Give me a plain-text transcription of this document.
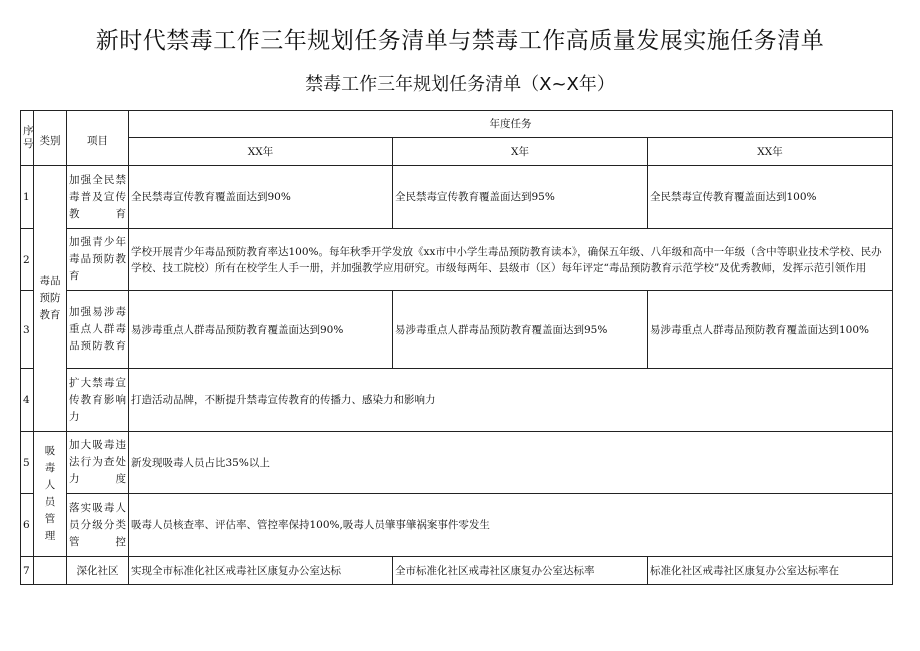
新时代禁毒工作三年规划任务清单与禁毒工作高质量发展实施任务清单
禁毒工作三年规划任务清单（X~X年）
序号	类别	项目	年度任务		
			XX年	X年	XX年
1	毒品预防教育	加强全民禁毒普及宣传教育	全民禁毒宣传教育覆盖面达到90%	全民禁毒宣传教育覆盖面达到95%	全民禁毒宣传教育覆盖面达到100%
2		加强青少年毒品预防教育	学校开展青少年毒品预防教育率达100%。每年秋季开学发放《xx市中小学生毒品预防教育读本》，确保五年级、八年级和高中一年级（含中等职业技术学校、民办学校、技工院校）所有在校学生人手一册，并加强教学应用研究。市级每两年、县级市（区）每年评定“毒品预防教育示范学校”及优秀教师，发挥示范引领作用		
3		加强易涉毒重点人群毒品预防教育	易涉毒重点人群毒品预防教育覆盖面达到90%	易涉毒重点人群毒品预防教育覆盖面达到95%	易涉毒重点人群毒品预防教育覆盖面达到100%
4		扩大禁毒宣传教育影响力	打造活动品牌，不断提升禁毒宣传教育的传播力、感染力和影响力		
5	吸毒人员管理	加大吸毒违法行为查处力度	新发现吸毒人员占比35%以上		
6		落实吸毒人员分级分类管控	吸毒人员核查率、评估率、管控率保持100%,吸毒人员肇事肇祸案事件零发生		
7		深化社区	实现全市标准化社区戒毒社区康复办公室达标	全市标准化社区戒毒社区康复办公室达标率	标准化社区戒毒社区康复办公室达标率在
